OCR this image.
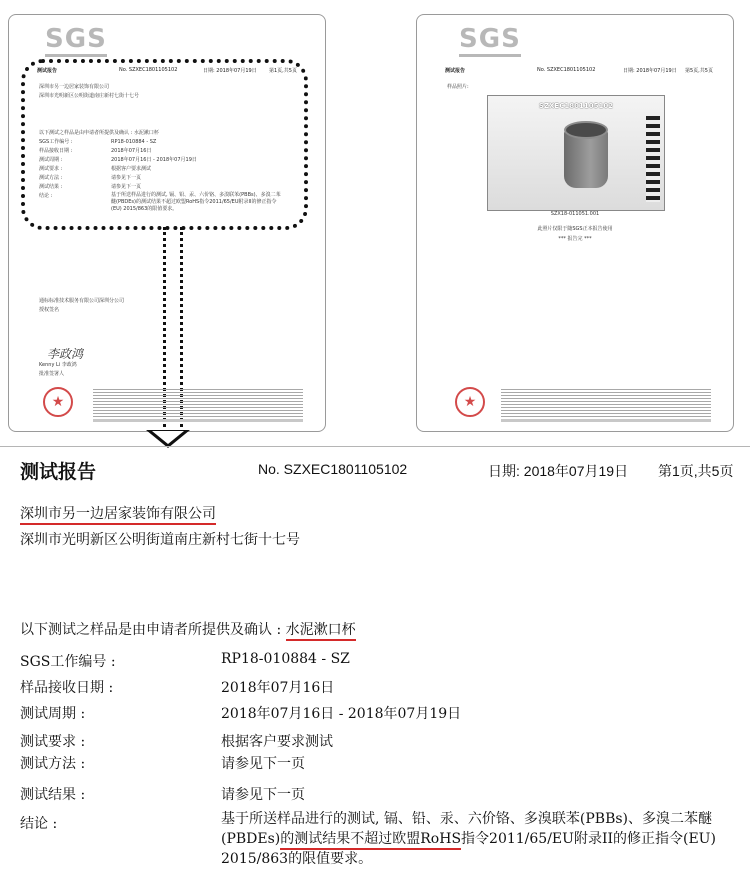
SGS
测试报告	No. SZXEC1801105102	日期: 2018年07月19日 第1页,共5页
深圳市另一边居家装饰有限公司
深圳市光明新区公明街道南庄新村七街十七号
以下测试之样品是由申请者所提供及确认 : 水泥漱口杯
SGS工作编号 :	RP18-010884 - SZ
样品接收日期 :	2018年07月16日
测试周期 :	2018年07月16日 - 2018年07月19日
测试要求 :	根据客户要求测试
测试方法 :	请参见下一页
测试结果 :	请参见下一页
结论 :	基于所送样品进行的测试, 镉、铅、汞、六价铬、多溴联苯(PBBs)、多溴二苯醚(PBDEs)的测试结果不超过欧盟RoHS指令2011/65/EU附录II的修正指令(EU) 2015/863的限值要求。
通标标准技术服务有限公司深圳分公司
授权签名
李政鸿
Kenny Li 李政鸿
批准签署人
★
SGS
测试报告	No. SZXEC1801105102	日期: 2018年07月19日 第5页,共5页
样品照片:
SZXEC1801105102
SZX18-011051.001
此照片仅限于随SGS正本报告使用
*** 报告完 ***
★
测试报告	No. SZXEC1801105102	日期: 2018年07月19日 第1页,共5页
深圳市另一边居家装饰有限公司
深圳市光明新区公明街道南庄新村七街十七号
以下测试之样品是由申请者所提供及确认 : 水泥漱口杯
SGS工作编号 :	RP18-010884 - SZ
样品接收日期 :	2018年07月16日
测试周期 :	2018年07月16日 - 2018年07月19日
测试要求 :	根据客户要求测试
测试方法 :	请参见下一页
测试结果 :	请参见下一页
结论 :	基于所送样品进行的测试, 镉、铅、汞、六价铬、多溴联苯(PBBs)、多溴二苯醚(PBDEs)的测试结果不超过欧盟RoHS指令2011/65/EU附录II的修正指令(EU) 2015/863的限值要求。
